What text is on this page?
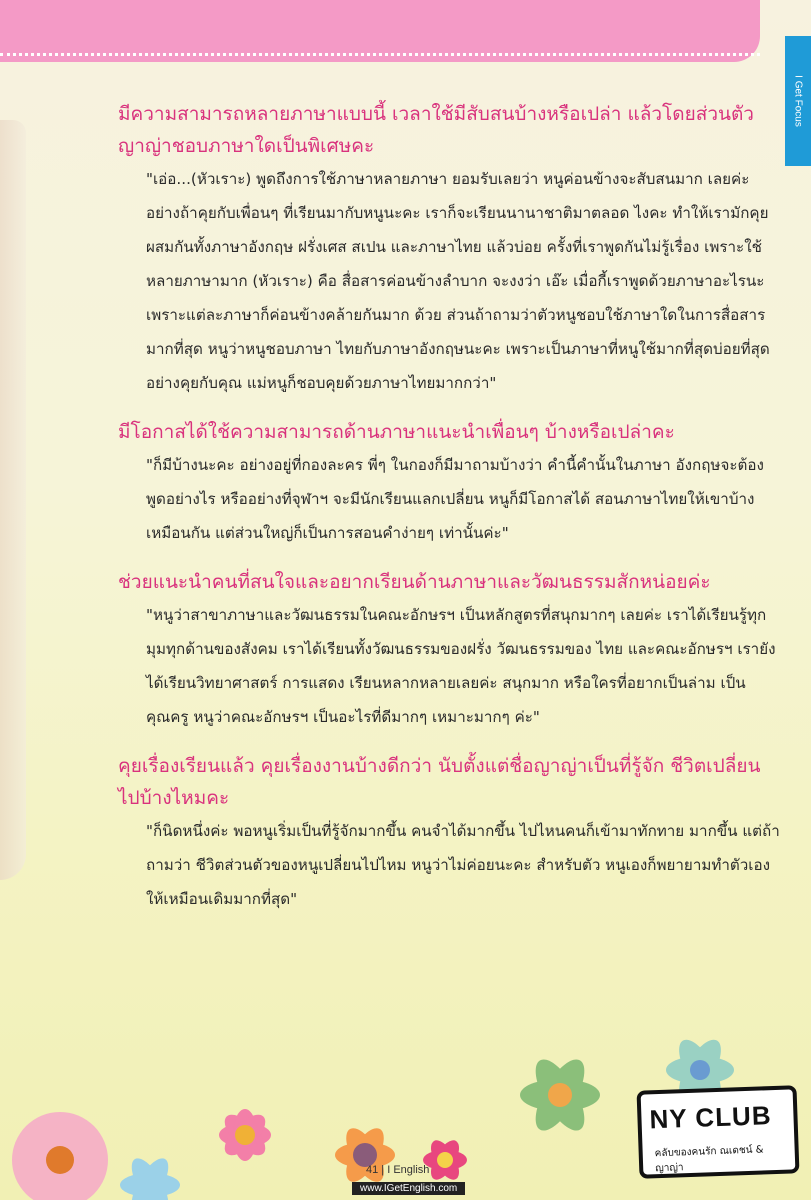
I Get Focus

มีความสามารถหลายภาษาแบบนี้ เวลาใช้มีสับสนบ้างหรือเปล่า แล้วโดยส่วนตัวญาญ่าชอบภาษาใดเป็นพิเศษคะ

"เอ่อ...(หัวเราะ) พูดถึงการใช้ภาษาหลายภาษา ยอมรับเลยว่า หนูค่อนข้างจะสับสนมาก เลยค่ะ อย่างถ้าคุยกับเพื่อนๆ ที่เรียนมากับหนูนะคะ เราก็จะเรียนนานาชาติมาตลอด ไงคะ ทำให้เรามักคุยผสมกันทั้งภาษาอังกฤษ ฝรั่งเศส สเปน และภาษาไทย แล้วบ่อย ครั้งที่เราพูดกันไม่รู้เรื่อง เพราะใช้หลายภาษามาก (หัวเราะ) คือ สื่อสารค่อนข้างลำบาก จะงงว่า เอ๊ะ เมื่อกี้เราพูดด้วยภาษาอะไรนะ เพราะแต่ละภาษาก็ค่อนข้างคล้ายกันมาก ด้วย ส่วนถ้าถามว่าตัวหนูชอบใช้ภาษาใดในการสื่อสารมากที่สุด หนูว่าหนูชอบภาษา ไทยกับภาษาอังกฤษนะคะ เพราะเป็นภาษาที่หนูใช้มากที่สุดบ่อยที่สุด อย่างคุยกับคุณ แม่หนูก็ชอบคุยด้วยภาษาไทยมากกว่า"

มีโอกาสได้ใช้ความสามารถด้านภาษาแนะนำเพื่อนๆ บ้างหรือเปล่าคะ

"ก็มีบ้างนะคะ อย่างอยู่ที่กองละคร พี่ๆ ในกองก็มีมาถามบ้างว่า คำนี้คำนั้นในภาษา อังกฤษจะต้องพูดอย่างไร หรืออย่างที่จุฬาฯ จะมีนักเรียนแลกเปลี่ยน หนูก็มีโอกาสได้ สอนภาษาไทยให้เขาบ้างเหมือนกัน แต่ส่วนใหญ่ก็เป็นการสอนคำง่ายๆ เท่านั้นค่ะ"

ช่วยแนะนำคนที่สนใจและอยากเรียนด้านภาษาและวัฒนธรรมสักหน่อยค่ะ

"หนูว่าสาขาภาษาและวัฒนธรรมในคณะอักษรฯ เป็นหลักสูตรที่สนุกมากๆ เลยค่ะ เราได้เรียนรู้ทุกมุมทุกด้านของสังคม เราได้เรียนทั้งวัฒนธรรมของฝรั่ง วัฒนธรรมของ ไทย และคณะอักษรฯ เรายังได้เรียนวิทยาศาสตร์ การแสดง เรียนหลากหลายเลยค่ะ สนุกมาก หรือใครที่อยากเป็นล่าม เป็นคุณครู หนูว่าคณะอักษรฯ เป็นอะไรที่ดีมากๆ เหมาะมากๆ ค่ะ"

คุยเรื่องเรียนแล้ว คุยเรื่องงานบ้างดีกว่า นับตั้งแต่ชื่อญาญ่าเป็นที่รู้จัก ชีวิตเปลี่ยนไปบ้างไหมคะ

"ก็นิดหนึ่งค่ะ พอหนูเริ่มเป็นที่รู้จักมากขึ้น คนจำได้มากขึ้น ไปไหนคนก็เข้ามาทักทาย มากขึ้น แต่ถ้าถามว่า ชีวิตส่วนตัวของหนูเปลี่ยนไปไหม หนูว่าไม่ค่อยนะคะ สำหรับตัว หนูเองก็พยายามทำตัวเองให้เหมือนเดิมมากที่สุด"

NY CLUB
คลับของคนรัก ณเดชน์ & ญาญ่า
41 | I English
www.IGetEnglish.com
